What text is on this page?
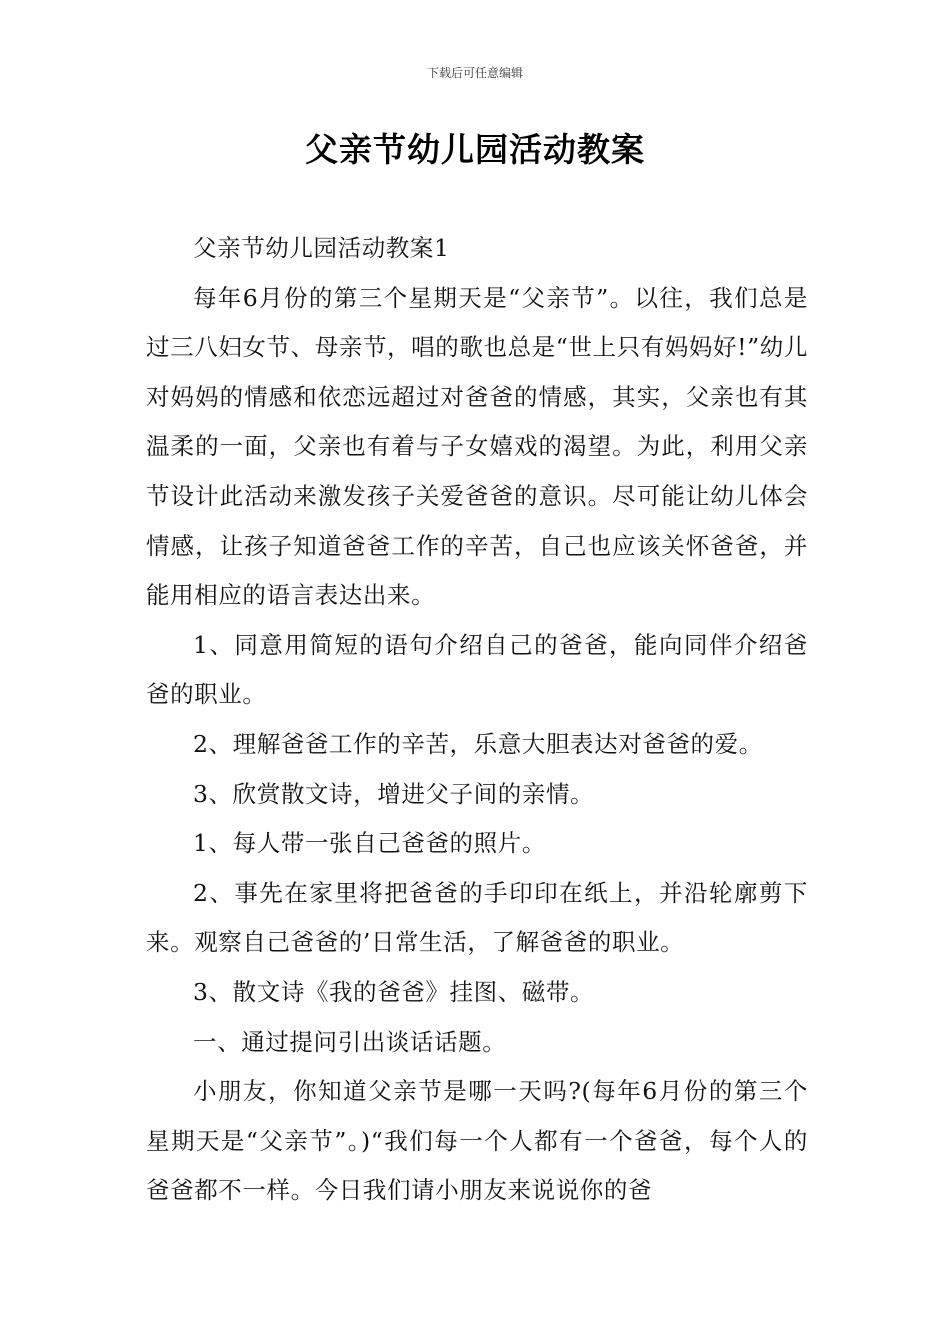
下载后可任意编辑
父亲节幼儿园活动教案

父亲节幼儿园活动教案1

每年6月份的第三个星期天是“父亲节”。以往，我们总是过三八妇女节、母亲节，唱的歌也总是“世上只有妈妈好!”幼儿对妈妈的情感和依恋远超过对爸爸的情感，其实，父亲也有其温柔的一面，父亲也有着与子女嬉戏的渴望。为此，利用父亲节设计此活动来激发孩子关爱爸爸的意识。尽可能让幼儿体会情感，让孩子知道爸爸工作的辛苦，自己也应该关怀爸爸，并能用相应的语言表达出来。

1、同意用简短的语句介绍自己的爸爸，能向同伴介绍爸爸的职业。

2、理解爸爸工作的辛苦，乐意大胆表达对爸爸的爱。

3、欣赏散文诗，增进父子间的亲情。

1、每人带一张自己爸爸的照片。

2、事先在家里将把爸爸的手印印在纸上，并沿轮廓剪下来。观察自己爸爸的’日常生活，了解爸爸的职业。

3、散文诗《我的爸爸》挂图、磁带。

一、通过提问引出谈话话题。

小朋友，你知道父亲节是哪一天吗?(每年6月份的第三个星期天是“父亲节”。)“我们每一个人都有一个爸爸，每个人的爸爸都不一样。今日我们请小朋友来说说你的爸
